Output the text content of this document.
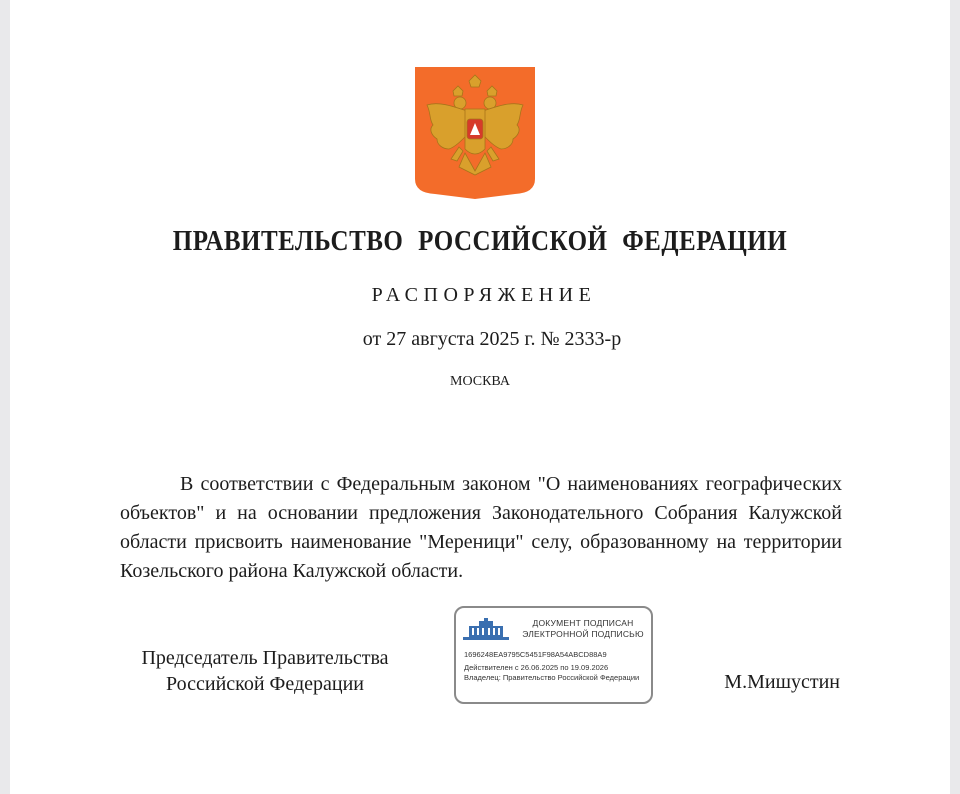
ПРАВИТЕЛЬСТВО РОССИЙСКОЙ ФЕДЕРАЦИИ
РАСПОРЯЖЕНИЕ
от 27 августа 2025 г. № 2333-р
МОСКВА
В соответствии с Федеральным законом "О наименованиях географических объектов" и на основании предложения Законодательного Собрания Калужской области присвоить наименование "Мереници" селу, образованному на территории Козельского района Калужской области.
Председатель Правительства
Российской Федерации
ДОКУМЕНТ ПОДПИСАН
ЭЛЕКТРОННОЙ ПОДПИСЬЮ
1696248EA9795C5451F98A54ABCD88A9
Действителен с 26.06.2025 по 19.09.2026
Владелец: Правительство Российской Федерации	М.Мишустин
